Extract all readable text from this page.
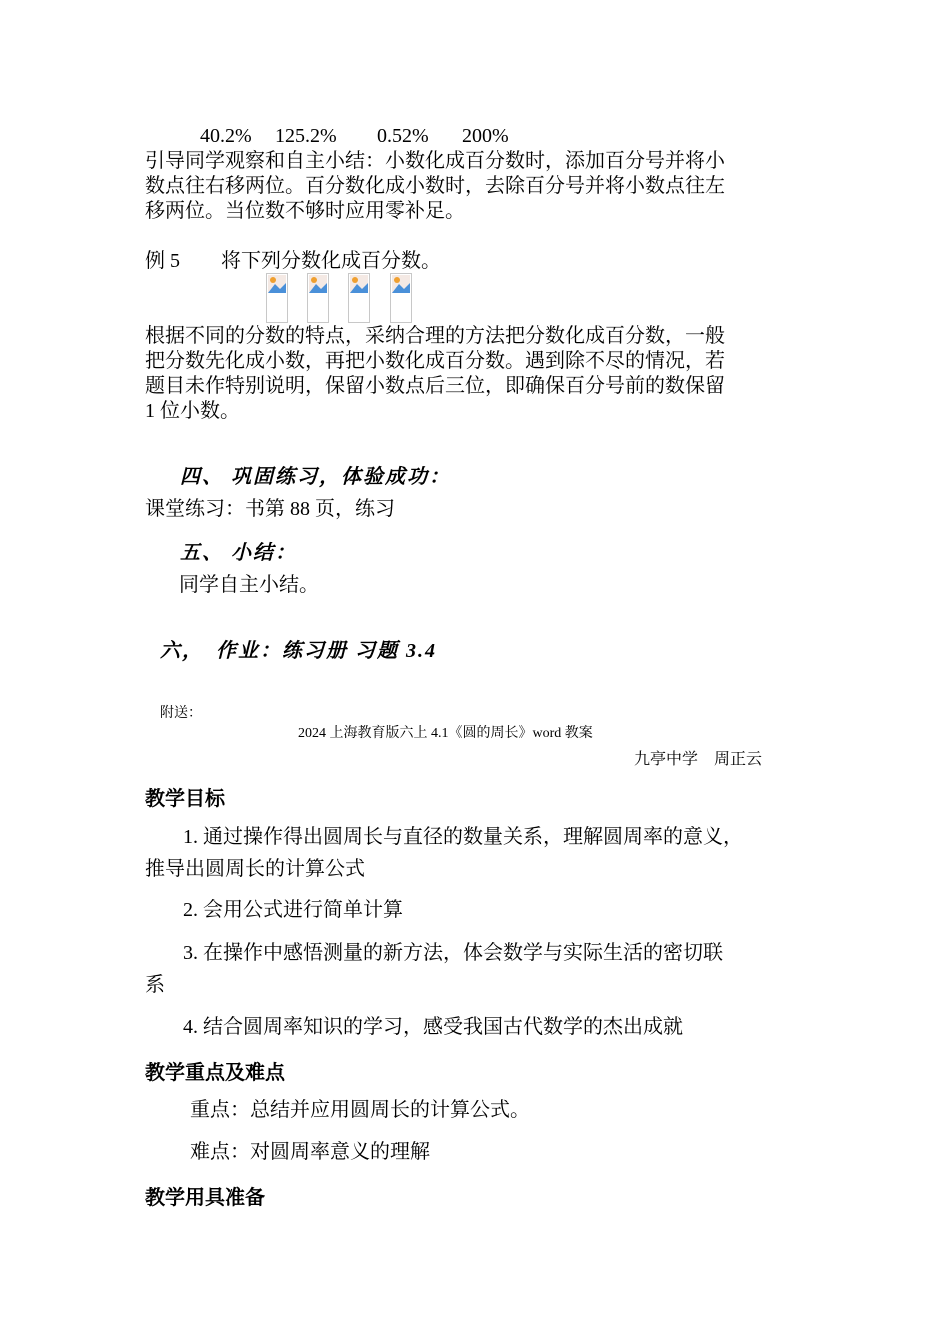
40.2% 125.2% 0.52% 200%
引导同学观察和自主小结：小数化成百分数时，添加百分号并将小
数点往右移两位。百分数化成小数时，去除百分号并将小数点往左
移两位。当位数不够时应用零补足。
例 5 将下列分数化成百分数。
根据不同的分数的特点，采纳合理的方法把分数化成百分数，一般
把分数先化成小数，再把小数化成百分数。遇到除不尽的情况，若
题目未作特别说明，保留小数点后三位，即确保百分号前的数保留
1 位小数。
四、 巩固练习，体验成功：
课堂练习：书第 88 页，练习
五、 小结：
同学自主小结。
六，　作业：练习册 习题 3.4
附送：
2024 上海教育版六上 4.1《圆的周长》word 教案
九亭中学　周正云
教学目标
1. 通过操作得出圆周长与直径的数量关系，理解圆周率的意义，
推导出圆周长的计算公式
2. 会用公式进行简单计算
3. 在操作中感悟测量的新方法，体会数学与实际生活的密切联
系
4. 结合圆周率知识的学习，感受我国古代数学的杰出成就
教学重点及难点
重点：总结并应用圆周长的计算公式。
难点：对圆周率意义的理解
教学用具准备
